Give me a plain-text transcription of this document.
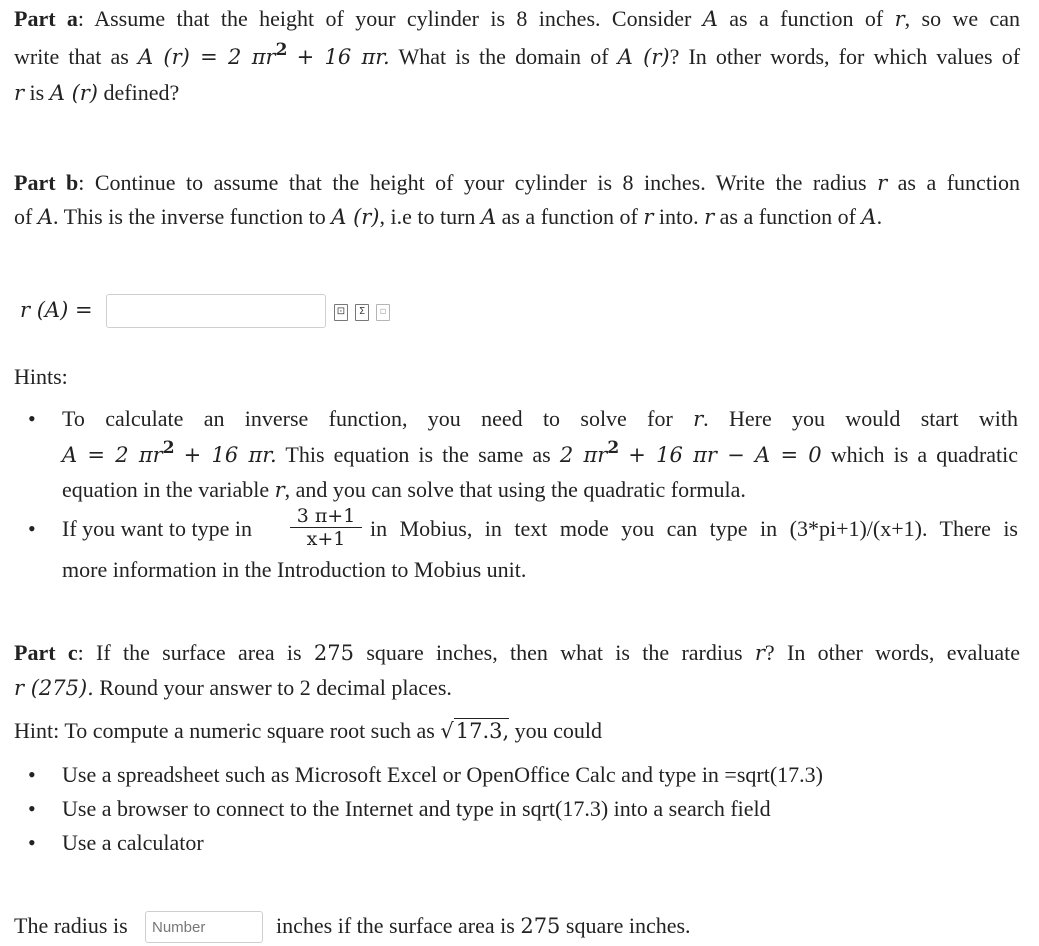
Part a: Assume that the height of your cylinder is 8 inches. Consider A as a function of r, so we can
write that as A (r) = 2 $\pi r^2 + 16$ πr. What is the domain of A (r)? In other words, for which values of
r is A (r) defined?
Part b: Continue to assume that the height of your cylinder is 8 inches. Write the radius r as a function
of A. This is the inverse function to A (r), i.e to turn A as a function of r into. r as a function of A.
r (A) =	⊡ Σ ▫
Hints:
• To calculate an inverse function, you need to solve for r. Here you would start with
A = 2 $\pi r^2 + 16$ πr. This equation is the same as 2 $\pi r^2 + 16$ πr − A = 0 which is a quadratic
equation in the variable r, and you can solve that using the quadratic formula.
• If you want to type in $\frac{3 \pi+1}{x+1}$ in Mobius, in text mode you can type in (3*pi+1)/(x+1). There is
more information in the Introduction to Mobius unit.
Part c: If the surface area is 275 square inches, then what is the rardius r? In other words, evaluate
r (275). Round your answer to 2 decimal places.
Hint: To compute a numeric square root such as √17.3, you could
• Use a spreadsheet such as Microsoft Excel or OpenOffice Calc and type in =sqrt(17.3)
• Use a browser to connect to the Internet and type in sqrt(17.3) into a search field
• Use a calculator
The radius is
Number	inches if the surface area is 275 square inches.
